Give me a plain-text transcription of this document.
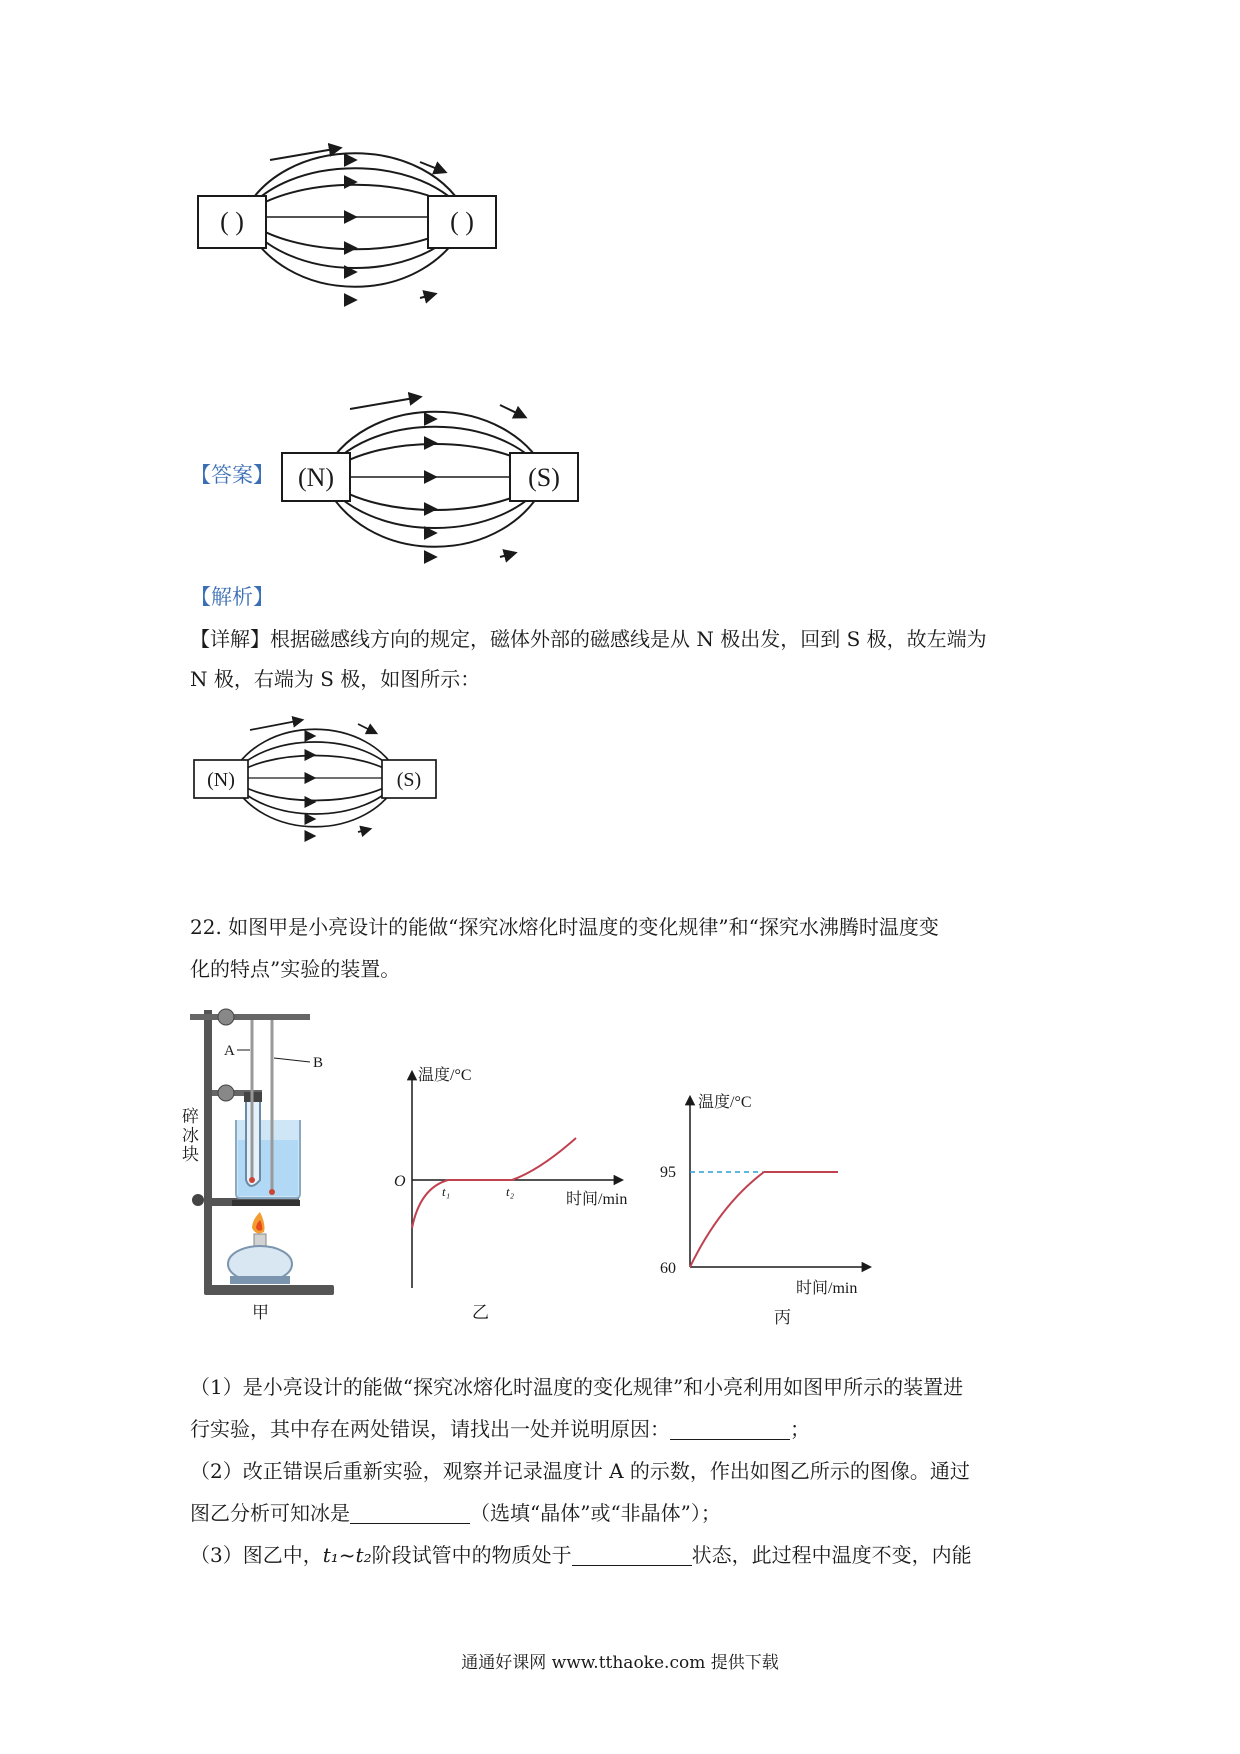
( )	( )
【答案】 (N)	(S)
【解析】
【详解】根据磁感线方向的规定，磁体外部的磁感线是从 N 极出发，回到 S 极，故左端为
N 极，右端为 S 极，如图所示：
(N)	(S)
22. 如图甲是小亮设计的能做“探究冰熔化时温度的变化规律”和“探究水沸腾时温度变
化的特点”实验的装置。
A
B
碎
冰
块
甲
温度/°C
O
t₁	t₂	时间/min
乙
温度/°C
95
60
时间/min
丙
（1）是小亮设计的能做“探究冰熔化时温度的变化规律”和小亮利用如图甲所示的装置进
行实验，其中存在两处错误，请找出一处并说明原因：	；
（2）改正错误后重新实验，观察并记录温度计 A 的示数，作出如图乙所示的图像。通过
图乙分析可知冰是	（选填“晶体”或“非晶体”）；
（3）图乙中，t₁~t₂阶段试管中的物质处于	状态，此过程中温度不变，内能
通通好课网 www.tthaoke.com 提供下载
